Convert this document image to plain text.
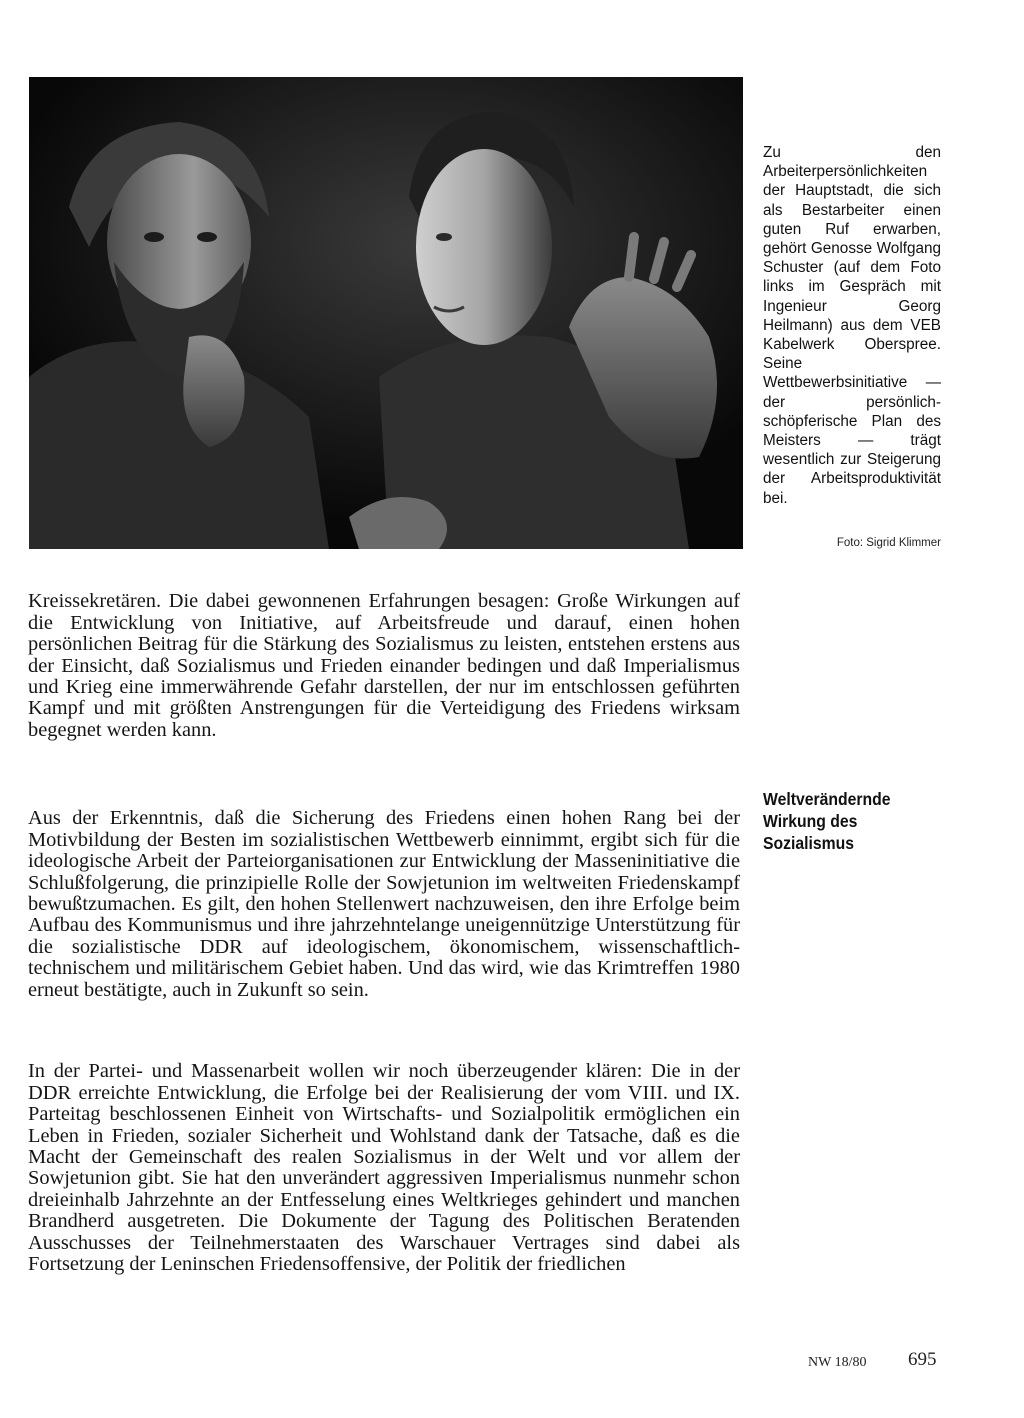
Zu den Arbeiterpersönlichkeiten der Hauptstadt, die sich als Bestarbeiter einen guten Ruf erwarben, gehört Genosse Wolfgang Schuster (auf dem Foto links im Gespräch mit Ingenieur Georg Heilmann) aus dem VEB Kabelwerk Oberspree. Seine Wettbewerbsinitiative — der persönlich-schöpferische Plan des Meisters — trägt wesentlich zur Steigerung der Arbeitsproduktivität bei.
Foto: Sigrid Klimmer

Kreissekretären. Die dabei gewonnenen Erfahrungen besagen: Große Wirkungen auf die Entwicklung von Initiative, auf Arbeitsfreude und darauf, einen hohen persönlichen Beitrag für die Stärkung des Sozialismus zu leisten, entstehen erstens aus der Einsicht, daß Sozialismus und Frieden einander bedingen und daß Imperialismus und Krieg eine immerwährende Gefahr darstellen, der nur im entschlossen geführten Kampf und mit größten Anstrengungen für die Verteidigung des Friedens wirksam begegnet werden kann.

Aus der Erkenntnis, daß die Sicherung des Friedens einen hohen Rang bei der Motivbildung der Besten im sozialistischen Wettbewerb einnimmt, ergibt sich für die ideologische Arbeit der Parteiorganisationen zur Entwicklung der Masseninitiative die Schlußfolgerung, die prinzipielle Rolle der Sowjetunion im weltweiten Friedenskampf bewußtzumachen. Es gilt, den hohen Stellenwert nachzuweisen, den ihre Erfolge beim Aufbau des Kommunismus und ihre jahrzehntelange uneigennützige Unterstützung für die sozialistische DDR auf ideologischem, ökonomischem, wissenschaftlich-technischem und militärischem Gebiet haben. Und das wird, wie das Krimtreffen 1980 erneut bestätigte, auch in Zukunft so sein.

In der Partei- und Massenarbeit wollen wir noch überzeugender klären: Die in der DDR erreichte Entwicklung, die Erfolge bei der Realisierung der vom VIII. und IX. Parteitag beschlossenen Einheit von Wirtschafts- und Sozialpolitik ermöglichen ein Leben in Frieden, sozialer Sicherheit und Wohlstand dank der Tatsache, daß es die Macht der Gemeinschaft des realen Sozialismus in der Welt und vor allem der Sowjetunion gibt. Sie hat den unverändert aggressiven Imperialismus nunmehr schon dreieinhalb Jahrzehnte an der Entfesselung eines Weltkrieges gehindert und manchen Brandherd ausgetreten. Die Dokumente der Tagung des Politischen Beratenden Ausschusses der Teilnehmerstaaten des Warschauer Vertrages sind dabei als Fortsetzung der Leninschen Friedensoffensive, der Politik der friedlichen

Weltverändernde
Wirkung des
Sozialismus
NW 18/80 695
